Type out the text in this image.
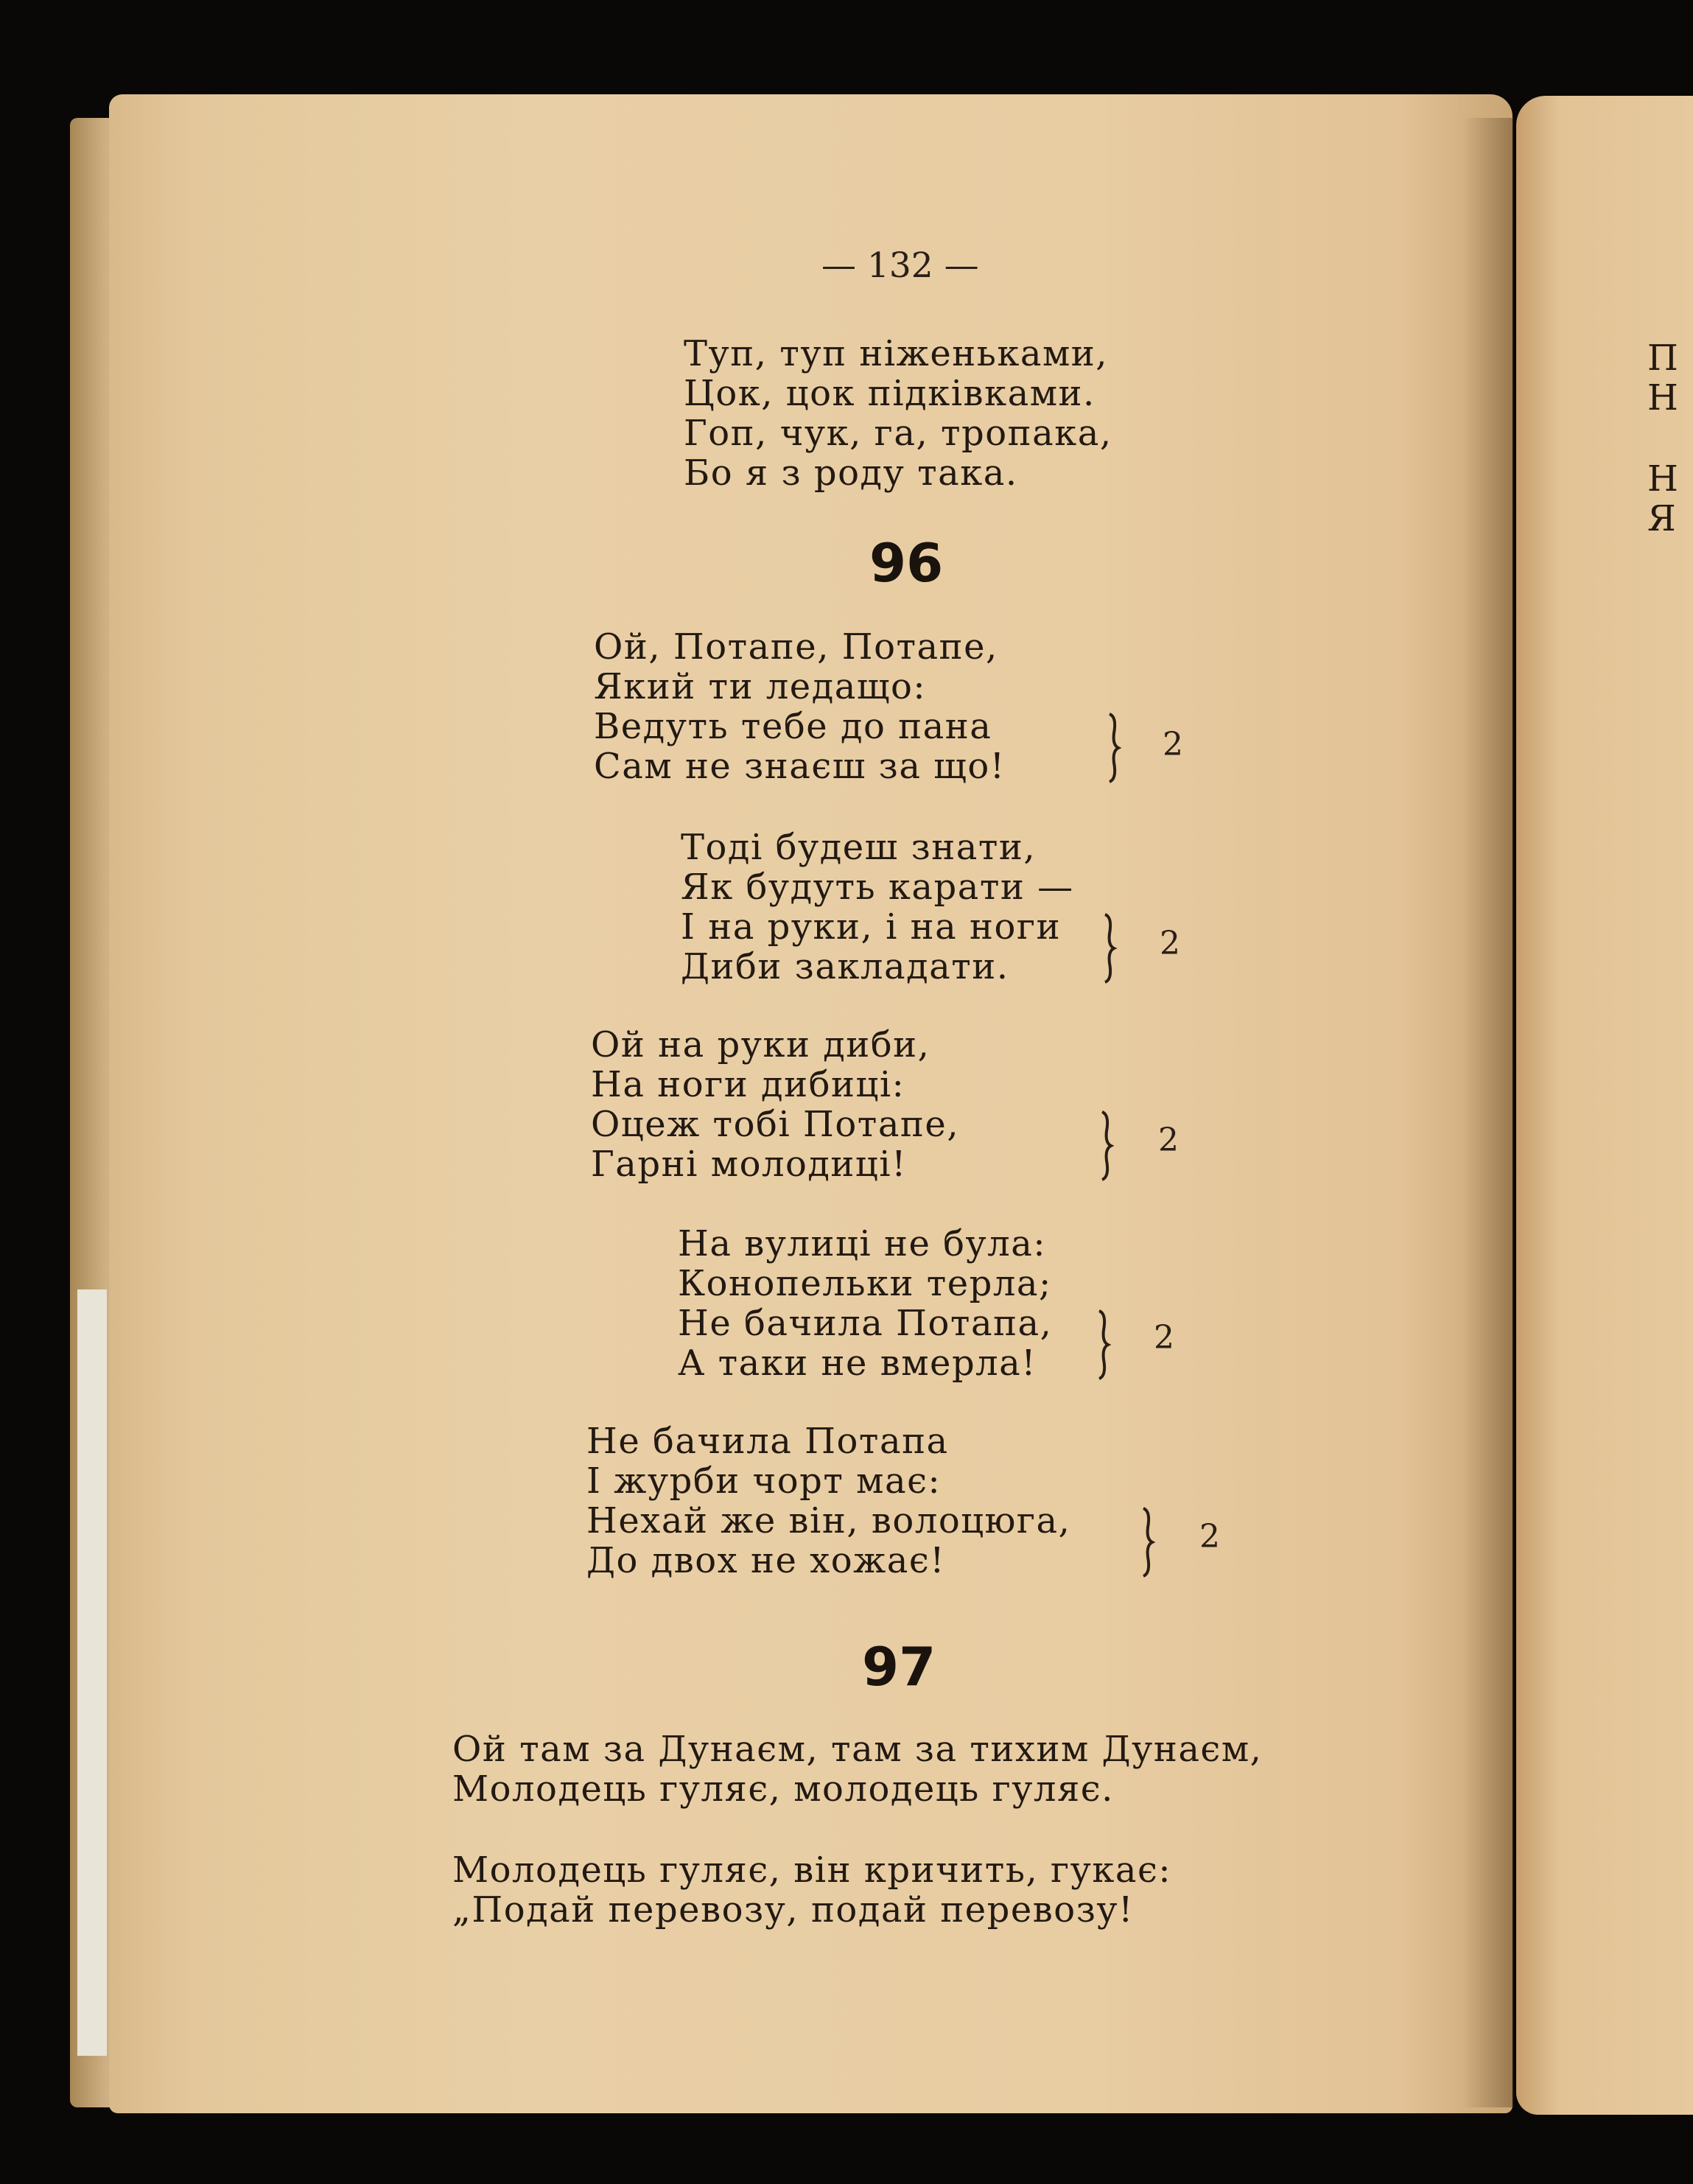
П
Н
Н
Я
— 132 —

Туп, туп ніженьками,

Цок, цок підківками.

Гоп, чук, га, тропака,

Бо я з роду така.

96

Ой, Потапе, Потапе,

Який ти ледащо:

Ведуть тебе до пана

Сам не знаєш за що!

2

Тоді будеш знати,

Як будуть карати —

І на руки, і на ноги

Диби закладати.

2

Ой на руки диби,

На ноги дибиці:

Оцеж тобі Потапе,

Гарні молодиці!

2

На вулиці не була:

Конопельки терла;

Не бачила Потапа,

А таки не вмерла!

2

Не бачила Потапа

І журби чорт має:

Нехай же він, волоцюга,

До двох не хожає!

2
97

Ой там за Дунаєм, там за тихим Дунаєм,

Молодець гуляє, молодець гуляє.

Молодець гуляє, він кричить, гукає:

„Подай перевозу, подай перевозу!
